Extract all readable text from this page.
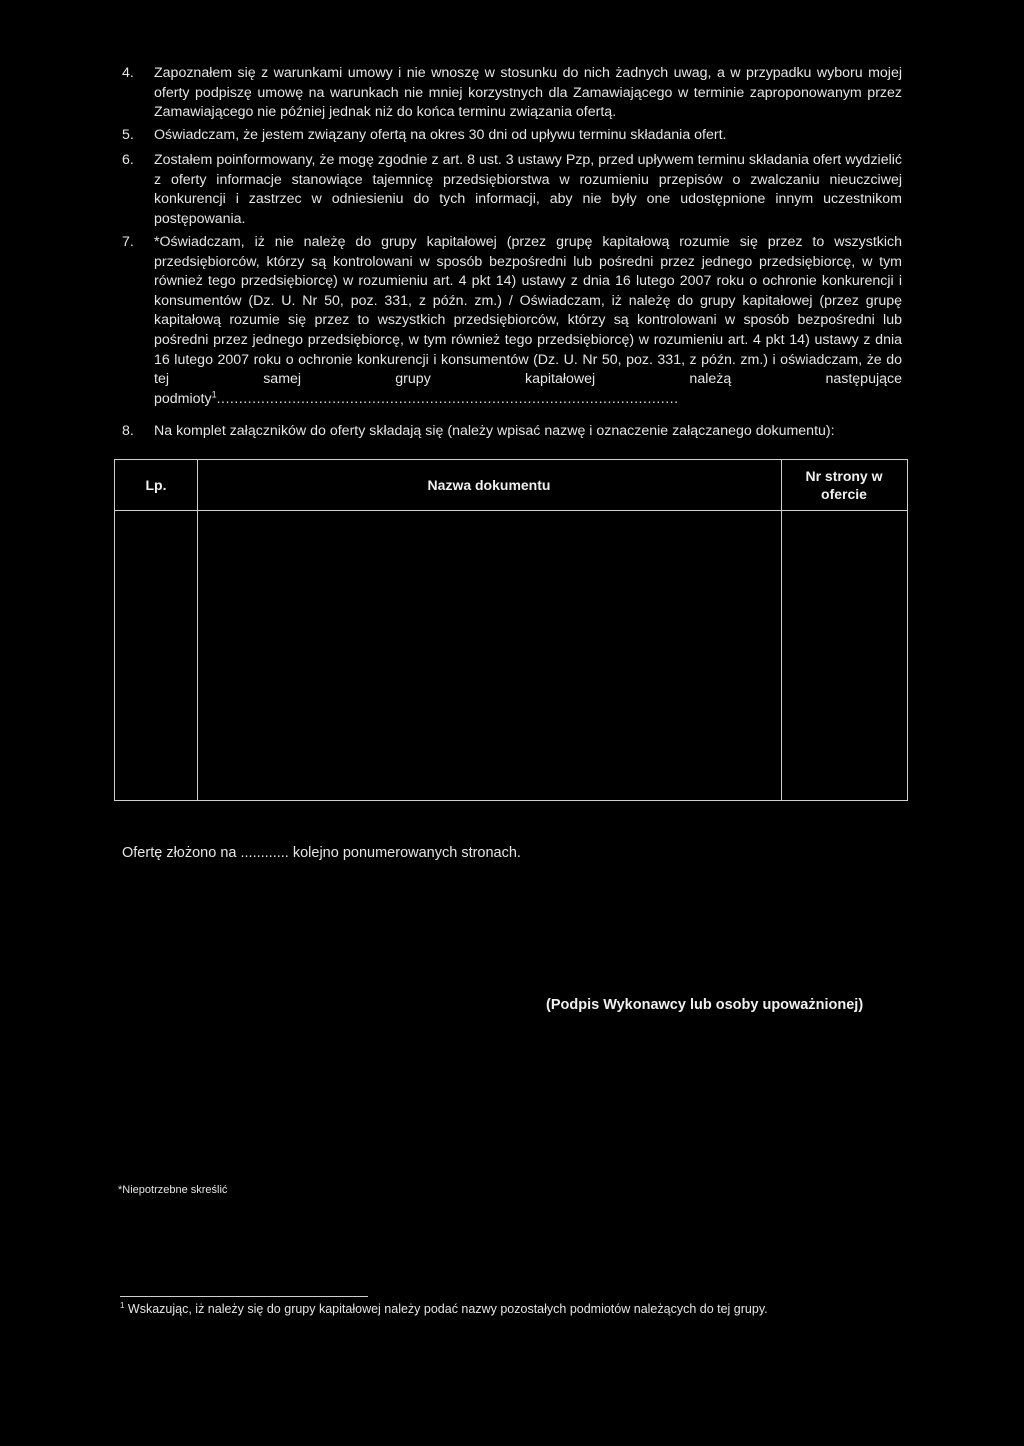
4. Zapoznałem się z warunkami umowy i nie wnoszę w stosunku do nich żadnych uwag, a w przypadku wyboru mojej oferty podpiszę umowę na warunkach nie mniej korzystnych dla Zamawiającego w terminie zaproponowanym przez Zamawiającego nie później jednak niż do końca terminu związania ofertą.
5. Oświadczam, że jestem związany ofertą na okres 30 dni od upływu terminu składania ofert.
6. Zostałem poinformowany, że mogę zgodnie z art. 8 ust. 3 ustawy Pzp, przed upływem terminu składania ofert wydzielić z oferty informacje stanowiące tajemnicę przedsiębiorstwa w rozumieniu przepisów o zwalczaniu nieuczciwej konkurencji i zastrzec w odniesieniu do tych informacji, aby nie były one udostępnione innym uczestnikom postępowania.
7. *Oświadczam, iż nie należę do grupy kapitałowej (przez grupę kapitałową rozumie się przez to wszystkich przedsiębiorców, którzy są kontrolowani w sposób bezpośredni lub pośredni przez jednego przedsiębiorcę, w tym również tego przedsiębiorcę) w rozumieniu art. 4 pkt 14) ustawy z dnia 16 lutego 2007 roku o ochronie konkurencji i konsumentów (Dz. U. Nr 50, poz. 331, z późn. zm.) / Oświadczam, iż należę do grupy kapitałowej (przez grupę kapitałową rozumie się przez to wszystkich przedsiębiorców, którzy są kontrolowani w sposób bezpośredni lub pośredni przez jednego przedsiębiorcę, w tym również tego przedsiębiorcę) w rozumieniu art. 4 pkt 14) ustawy z dnia 16 lutego 2007 roku o ochronie konkurencji i konsumentów (Dz. U. Nr 50, poz. 331, z późn. zm.) i oświadczam, że do tej samej grupy kapitałowej należą następujące podmioty$^1$........................................................................................................
8. Na komplet załączników do oferty składają się (należy wpisać nazwę i oznaczenie załączanego dokumentu):
Lp.	Nazwa dokumentu
Nr strony w ofercie
Ofertę złożono na ............ kolejno ponumerowanych stronach.
(Podpis Wykonawcy lub osoby upoważnionej)
*Niepotrzebne skreślić
$^1$ Wskazując, iż należy się do grupy kapitałowej należy podać nazwy pozostałych podmiotów należących do tej grupy.
